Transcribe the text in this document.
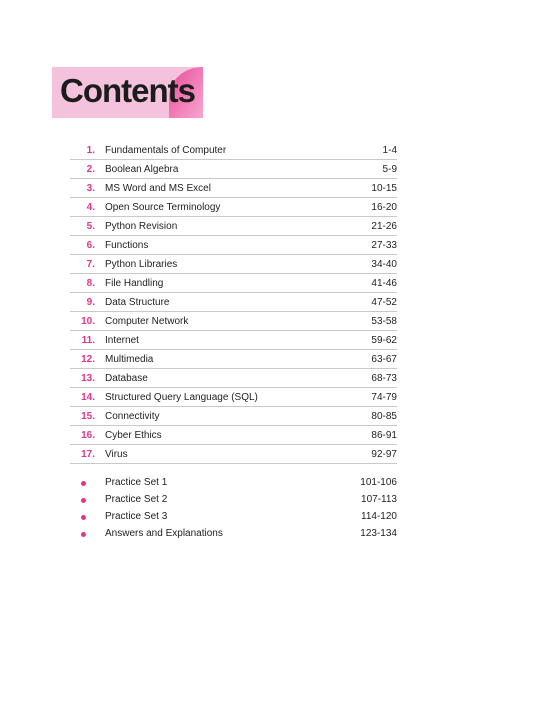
Contents
1.	Fundamentals of Computer	1-4
2.	Boolean Algebra	5-9
3.	MS Word and MS Excel	10-15
4.	Open Source Terminology	16-20
5.	Python Revision	21-26
6.	Functions	27-33
7.	Python Libraries	34-40
8.	File Handling	41-46
9.	Data Structure	47-52
10.	Computer Network	53-58
11.	Internet	59-62
12.	Multimedia	63-67
13.	Database	68-73
14.	Structured Query Language (SQL)	74-79
15.	Connectivity	80-85
16.	Cyber Ethics	86-91
17.	Virus	92-97
Practice Set 1	101-106
Practice Set 2	107-113
Practice Set 3	114-120
Answers and Explanations	123-134
